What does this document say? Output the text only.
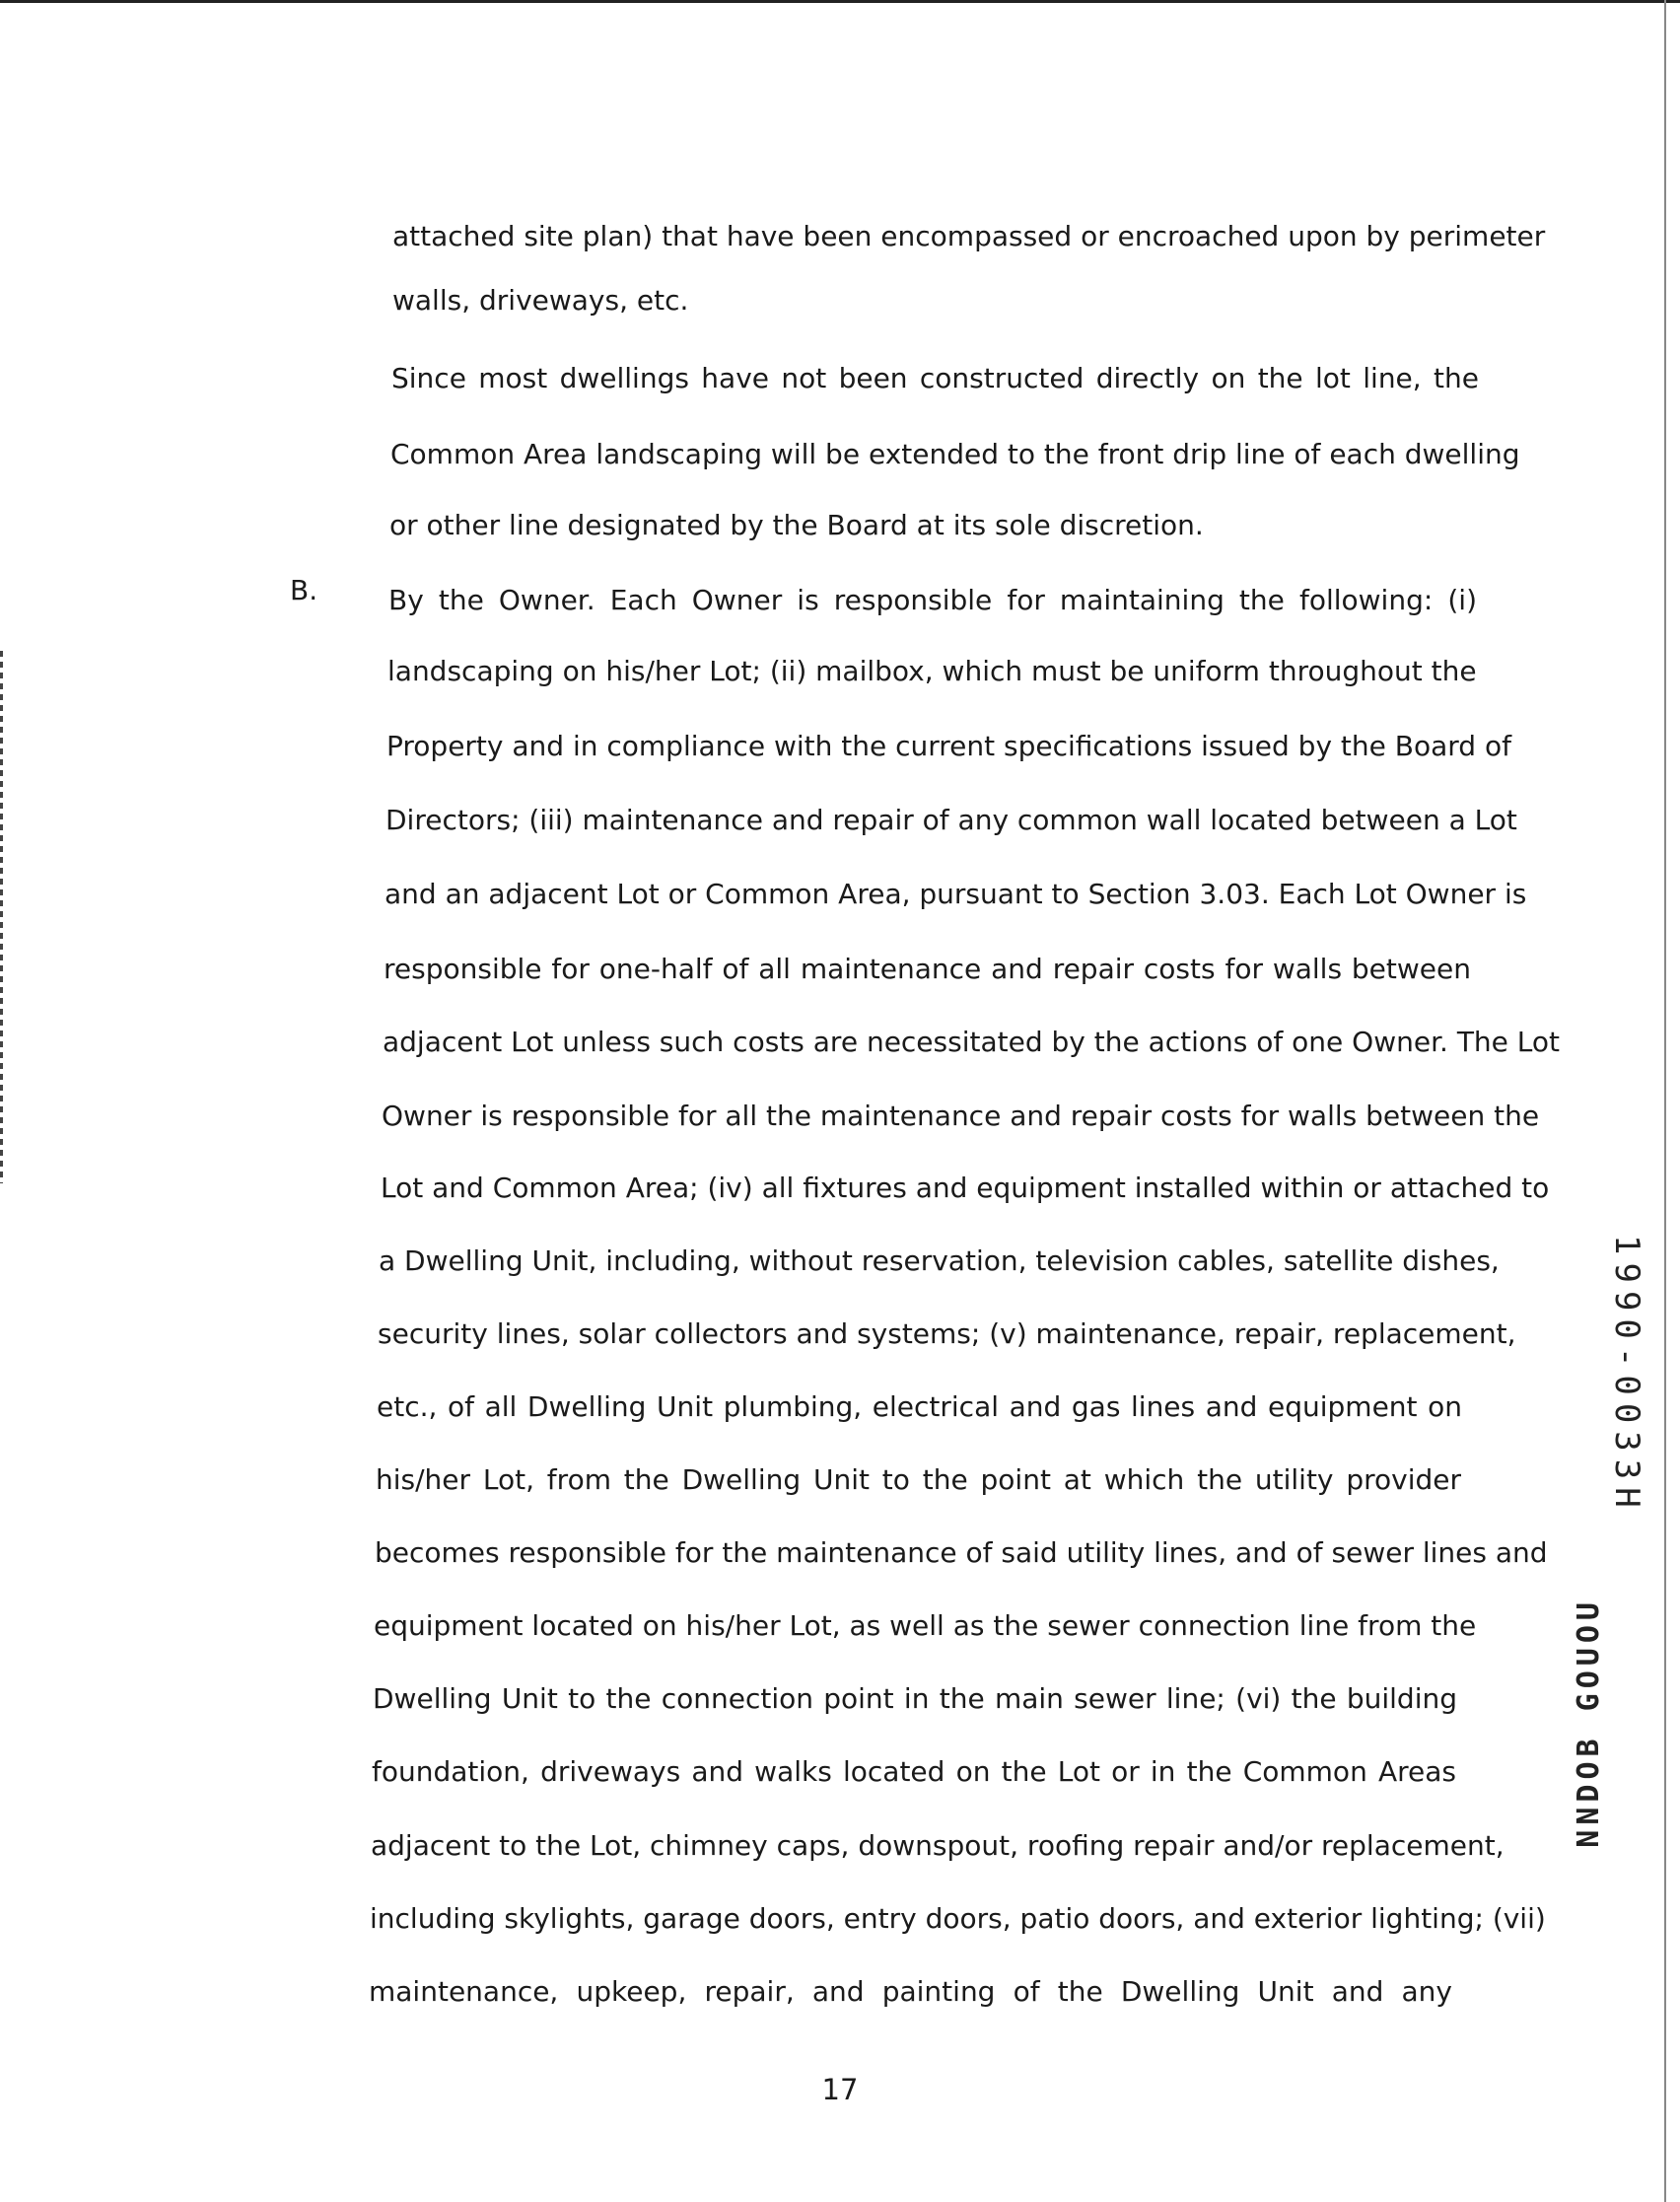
attached site plan) that have been encompassed or encroached upon by perimeter
walls, driveways, etc.
Since most dwellings have not been constructed directly on the lot line, the
Common Area landscaping will be extended to the front drip line of each dwelling
or other line designated by the Board at its sole discretion.
B.	By the Owner. Each Owner is responsible for maintaining the following: (i)
landscaping on his/her Lot; (ii) mailbox, which must be uniform throughout the
Property and in compliance with the current specifications issued by the Board of
Directors; (iii) maintenance and repair of any common wall located between a Lot
and an adjacent Lot or Common Area, pursuant to Section 3.03. Each Lot Owner is
responsible for one-half of all maintenance and repair costs for walls between
adjacent Lot unless such costs are necessitated by the actions of one Owner. The Lot
Owner is responsible for all the maintenance and repair costs for walls between the
Lot and Common Area; (iv) all fixtures and equipment installed within or attached to
a Dwelling Unit, including, without reservation, television cables, satellite dishes,
security lines, solar collectors and systems; (v) maintenance, repair, replacement,
etc., of all Dwelling Unit plumbing, electrical and gas lines and equipment on
his/her Lot, from the Dwelling Unit to the point at which the utility provider
becomes responsible for the maintenance of said utility lines, and of sewer lines and
equipment located on his/her Lot, as well as the sewer connection line from the
Dwelling Unit to the connection point in the main sewer line; (vi) the building
foundation, driveways and walks located on the Lot or in the Common Areas
adjacent to the Lot, chimney caps, downspout, roofing repair and/or replacement,
including skylights, garage doors, entry doors, patio doors, and exterior lighting; (vii)
maintenance, upkeep, repair, and painting of the Dwelling Unit and any
17
1990-0033H
NNDOB GOUOU
